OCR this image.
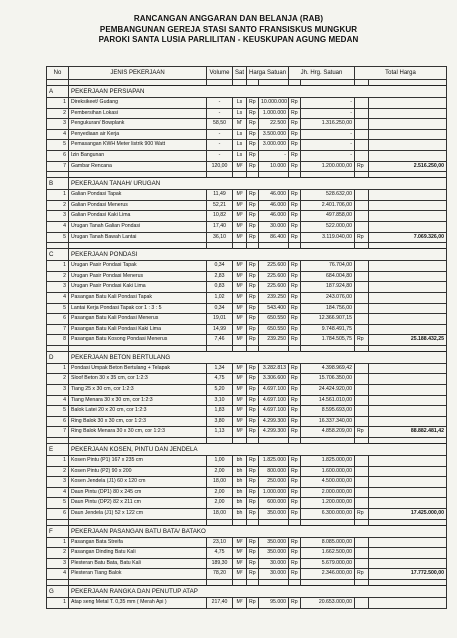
RANCANGAN ANGGARAN DAN BELANJA (RAB)
PEMBANGUNAN GEREJA STASI SANTO FRANSISKUS MUNGKUR
PAROKI SANTA LUSIA PARLILITAN - KEUSKUPAN AGUNG MEDAN
No	JENIS PEKERJAAN	Volume	Sat	Harga Satuan		Jh. Hrg. Satuan		Total Harga	

A	PEKERJAAN PERSIAPAN								
1	Direksikeet/ Gudang	-	Ls	Rp	10.000.000	Rp	-		
2	Pembersihan Lokasi	-	Ls	Rp	1.000.000	Rp	-		
3	Pengukuran/ Bowplank	58,50	M'	Rp	22.500	Rp	1.316.250,00		
4	Penyediaan air Kerja	-	Ls	Rp	3.500.000	Rp	-		
5	Pemasangan KWH Meter listrik 900 Watt	-	Ls	Rp	3.000.000	Rp	-		
6	Izin Bangunan	-	Ls	Rp	-	Rp	-		
7	Gambar Rencana	120,00	M²	Rp	10.000	Rp	1.200.000,00	Rp	2.516.250,00

B	PEKERJAAN TANAH/ URUGAN								
1	Galian Pondasi Tapak	11,49	M³	Rp	46.000	Rp	528.632,00		
2	Galian Pondasi Menerus	52,21	M³	Rp	46.000	Rp	2.401.706,00		
3	Galian Pondasi Kaki Lima	10,82	M³	Rp	46.000	Rp	497.858,00		
4	Urugan Tanah Galian Pondasi	17,40	M³	Rp	30.000	Rp	522.000,00		
5	Urugan Tanah Bawah Lantai	36,10	M³	Rp	86.400	Rp	3.119.040,00	Rp	7.069.326,00

C	PEKERJAAN PONDASI								
1	Urugan Pasir Pondasi Tapak	0,34	M³	Rp	225.600	Rp	76.704,00		
2	Urugan Pasir Pondasi Menerus	2,83	M³	Rp	225.600	Rp	684.004,80		
3	Urugan Pasir Pondasi Kaki Lima	0,83	M³	Rp	225.600	Rp	187.924,80		
4	Pasangan Batu Kali Pondasi Tapak	1,02	M³	Rp	239.250	Rp	243.076,00		
5	Lantai Kerja Pondasi Tapak cor 1 : 3 : 5	0,34	M³	Rp	543.400	Rp	184.756,00		
6	Pasangan Batu Kali Pondasi Menerus	19,01	M³	Rp	650.550	Rp	12.366.907,15		
7	Pasangan Batu Kali Pondasi Kaki Lima	14,99	M³	Rp	650.550	Rp	9.748.491,75		
8	Pasangan Batu Kosong Pondasi Menerus	7,46	M³	Rp	239.250	Rp	1.784.505,75	Rp	25.188.432,25

D	PEKERJAAN BETON BERTULANG								
1	Pondasi Umpak Beton Bertulang + Telapak	1,34	M³	Rp	3.282.813	Rp	4.398.969,42		
2	Sloof Beton 30 x 35 cm, cor 1:2:3	4,75	M³	Rp	3.306.600	Rp	15.706.350,00		
3	Tiang 25 x 30 cm, cor 1:2:3	5,20	M³	Rp	4.697.100	Rp	24.424.920,00		
4	Tiang Menara 30 x 30 cm, cor 1:2:3	3,10	M³	Rp	4.697.100	Rp	14.561.010,00		
5	Balok Latei 20 x 20 cm, cor 1:2:3	1,83	M³	Rp	4.697.100	Rp	8.595.693,00		
6	Ring Balok 30 x 30 cm, cor 1:2:3	3,80	M³	Rp	4.299.300	Rp	16.337.340,00		
7	Ring Balok Menara 30 x 30 cm, cor 1:2:3	1,13	M³	Rp	4.299.300	Rp	4.858.209,00	Rp	88.882.481,42

E	PEKERJAAN KOSEN, PINTU DAN JENDELA								
1	Kosen Pintu (P1) 167 x 235 cm	1,00	bh	Rp	1.825.000	Rp	1.825.000,00		
2	Kosen Pintu (P2) 90 x 200	2,00	bh	Rp	800.000	Rp	1.600.000,00		
3	Kosen Jendela (J1) 60 x 120 cm	18,00	bh	Rp	250.000	Rp	4.500.000,00		
4	Daun Pintu (DP1) 80 x 245 cm	2,00	bh	Rp	1.000.000	Rp	2.000.000,00		
5	Daun Pintu (DP2) 82 x 211 cm	2,00	bh	Rp	600.000	Rp	1.200.000,00		
6	Daun Jendela (J1) 52 x 122 cm	18,00	bh	Rp	350.000	Rp	6.300.000,00	Rp	17.425.000,00

F	PEKERJAAN PASANGAN BATU BATA/ BATAKO								
1	Pasangan Bata Streifa	23,10	M²	Rp	350.000	Rp	8.085.000,00		
2	Pasangan Dinding Batu Kali	4,75	M²	Rp	350.000	Rp	1.662.500,00		
3	Plesteran Batu Bata, Batu Kali	189,30	M²	Rp	30.000	Rp	5.679.000,00		
4	Plesteran Tiang Balok	78,20	M²	Rp	30.000	Rp	2.346.000,00	Rp	17.772.500,00

G	PEKERJAAN RANGKA DAN PENUTUP ATAP								
1	Atap seng Metal T. 0,35 mm ( Merah Api )	217,40	M²	Rp	95.000	Rp	20.653.000,00		
